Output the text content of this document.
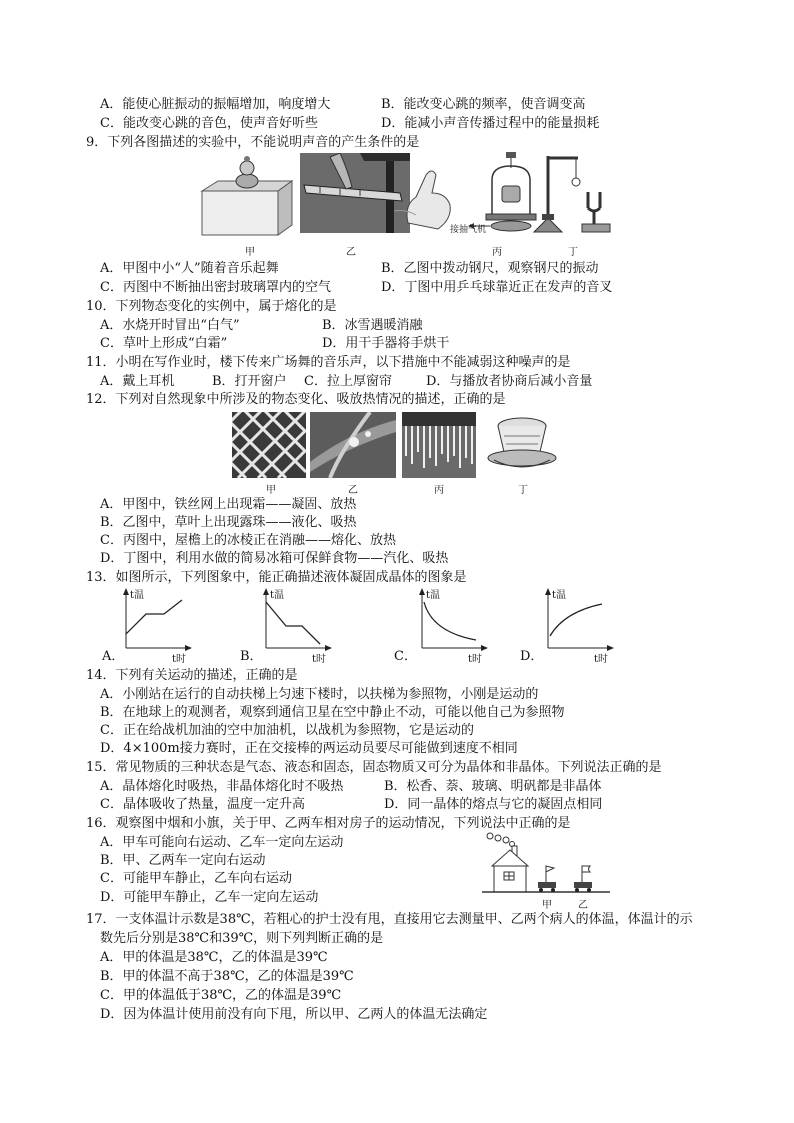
A．能使心脏振动的振幅增加，响度增大	B．能改变心跳的频率，使音调变高
C．能改变心跳的音色，使声音好听些	D．能减小声音传播过程中的能量损耗
9．下列各图描述的实验中，不能说明声音的产生条件的是
接抽气机
甲	乙	丙	丁
A．甲图中小“人”随着音乐起舞	B．乙图中拨动钢尺，观察钢尺的振动
C．丙图中不断抽出密封玻璃罩内的空气	D．丁图中用乒乓球靠近正在发声的音叉
10．下列物态变化的实例中，属于熔化的是
A．水烧开时冒出“白气”	B．冰雪遇暖消融
C．草叶上形成“白霜”	D．用干手器将手烘干
11．小明在写作业时，楼下传来广场舞的音乐声，以下措施中不能减弱这种噪声的是
A．戴上耳机	B．打开窗户 C．拉上厚窗帘	D．与播放者协商后减小音量
12．下列对自然现象中所涉及的物态变化、吸放热情况的描述，正确的是
甲	乙	丙	丁
A．甲图中，铁丝网上出现霜——凝固、放热
B．乙图中，草叶上出现露珠——液化、吸热
C．丙图中，屋檐上的冰棱正在消融——熔化、放热
D．丁图中，利用水做的简易冰箱可保鲜食物——汽化、吸热
13．如图所示，下列图象中，能正确描述液体凝固成晶体的图象是
t温
t时
t温
t时
t温
t时
t温
t时
A．	B．	C．	D．
14．下列有关运动的描述，正确的是
A．小刚站在运行的自动扶梯上匀速下楼时，以扶梯为参照物，小刚是运动的
B．在地球上的观测者，观察到通信卫星在空中静止不动，可能以他自己为参照物
C．正在给战机加油的空中加油机，以战机为参照物，它是运动的
D．4×100m接力赛时，正在交接棒的两运动员要尽可能做到速度不相同
15．常见物质的三种状态是气态、液态和固态，固态物质又可分为晶体和非晶体。下列说法正确的是
A．晶体熔化时吸热，非晶体熔化时不吸热	B．松香、萘、玻璃、明矾都是非晶体
C．晶体吸收了热量，温度一定升高	D．同一晶体的熔点与它的凝固点相同
16．观察图中烟和小旗，关于甲、乙两车相对房子的运动情况，下列说法中正确的是
A．甲车可能向右运动、乙车一定向左运动
B．甲、乙两车一定向右运动
C．可能甲车静止，乙车向右运动
D．可能甲车静止，乙车一定向左运动
甲	乙
17．一支体温计示数是38℃，若粗心的护士没有甩，直接用它去测量甲、乙两个病人的体温，体温计的示
数先后分别是38℃和39℃，则下列判断正确的是
A．甲的体温是38℃，乙的体温是39℃
B．甲的体温不高于38℃，乙的体温是39℃
C．甲的体温低于38℃，乙的体温是39℃
D．因为体温计使用前没有向下甩，所以甲、乙两人的体温无法确定
